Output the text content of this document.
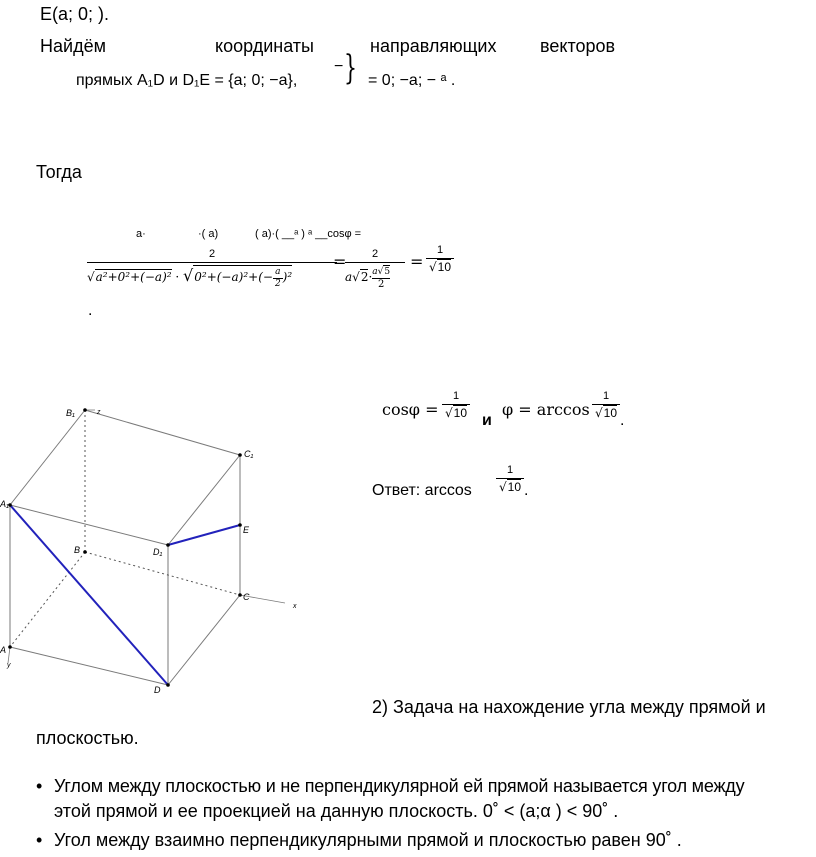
E(a; 0; ).
Найдём	координаты	направляющих векторов
прямых A₁D и D₁E = {a; 0; −a},
− } = 0; −a; − ᵃ .
Тогда
a·	·( a)	( a)·( __ᵃ ) ᵃ __cosφ =
$\frac{2}{√a^2+0^2+(-a)^2 \cdot √0^2+(-a)^2+(- \frac{a}{2} )^2}$
=
$\frac{2}{a√2\cdot \frac{a√5}{2}} = \frac{1}{√10}$
.
$\cos\varphi = \frac{1}{√10}$
и
$\varphi = \arccos \frac{1}{√10}$
.
Ответ: $\arccos \frac{1}{√10}$ .
B₁	z
C₁
A₁
E
B	D₁
C
x
A
y
D
2) Задача на нахождение угла между прямой и
плоскостью.
• Углом между плоскостью и не перпендикулярной ей прямой называется угол между
этой прямой и ее проекцией на данную плоскость. 0˚ < (a;α ) < 90˚ .
• Угол между взаимно перпендикулярными прямой и плоскостью равен 90˚ .
